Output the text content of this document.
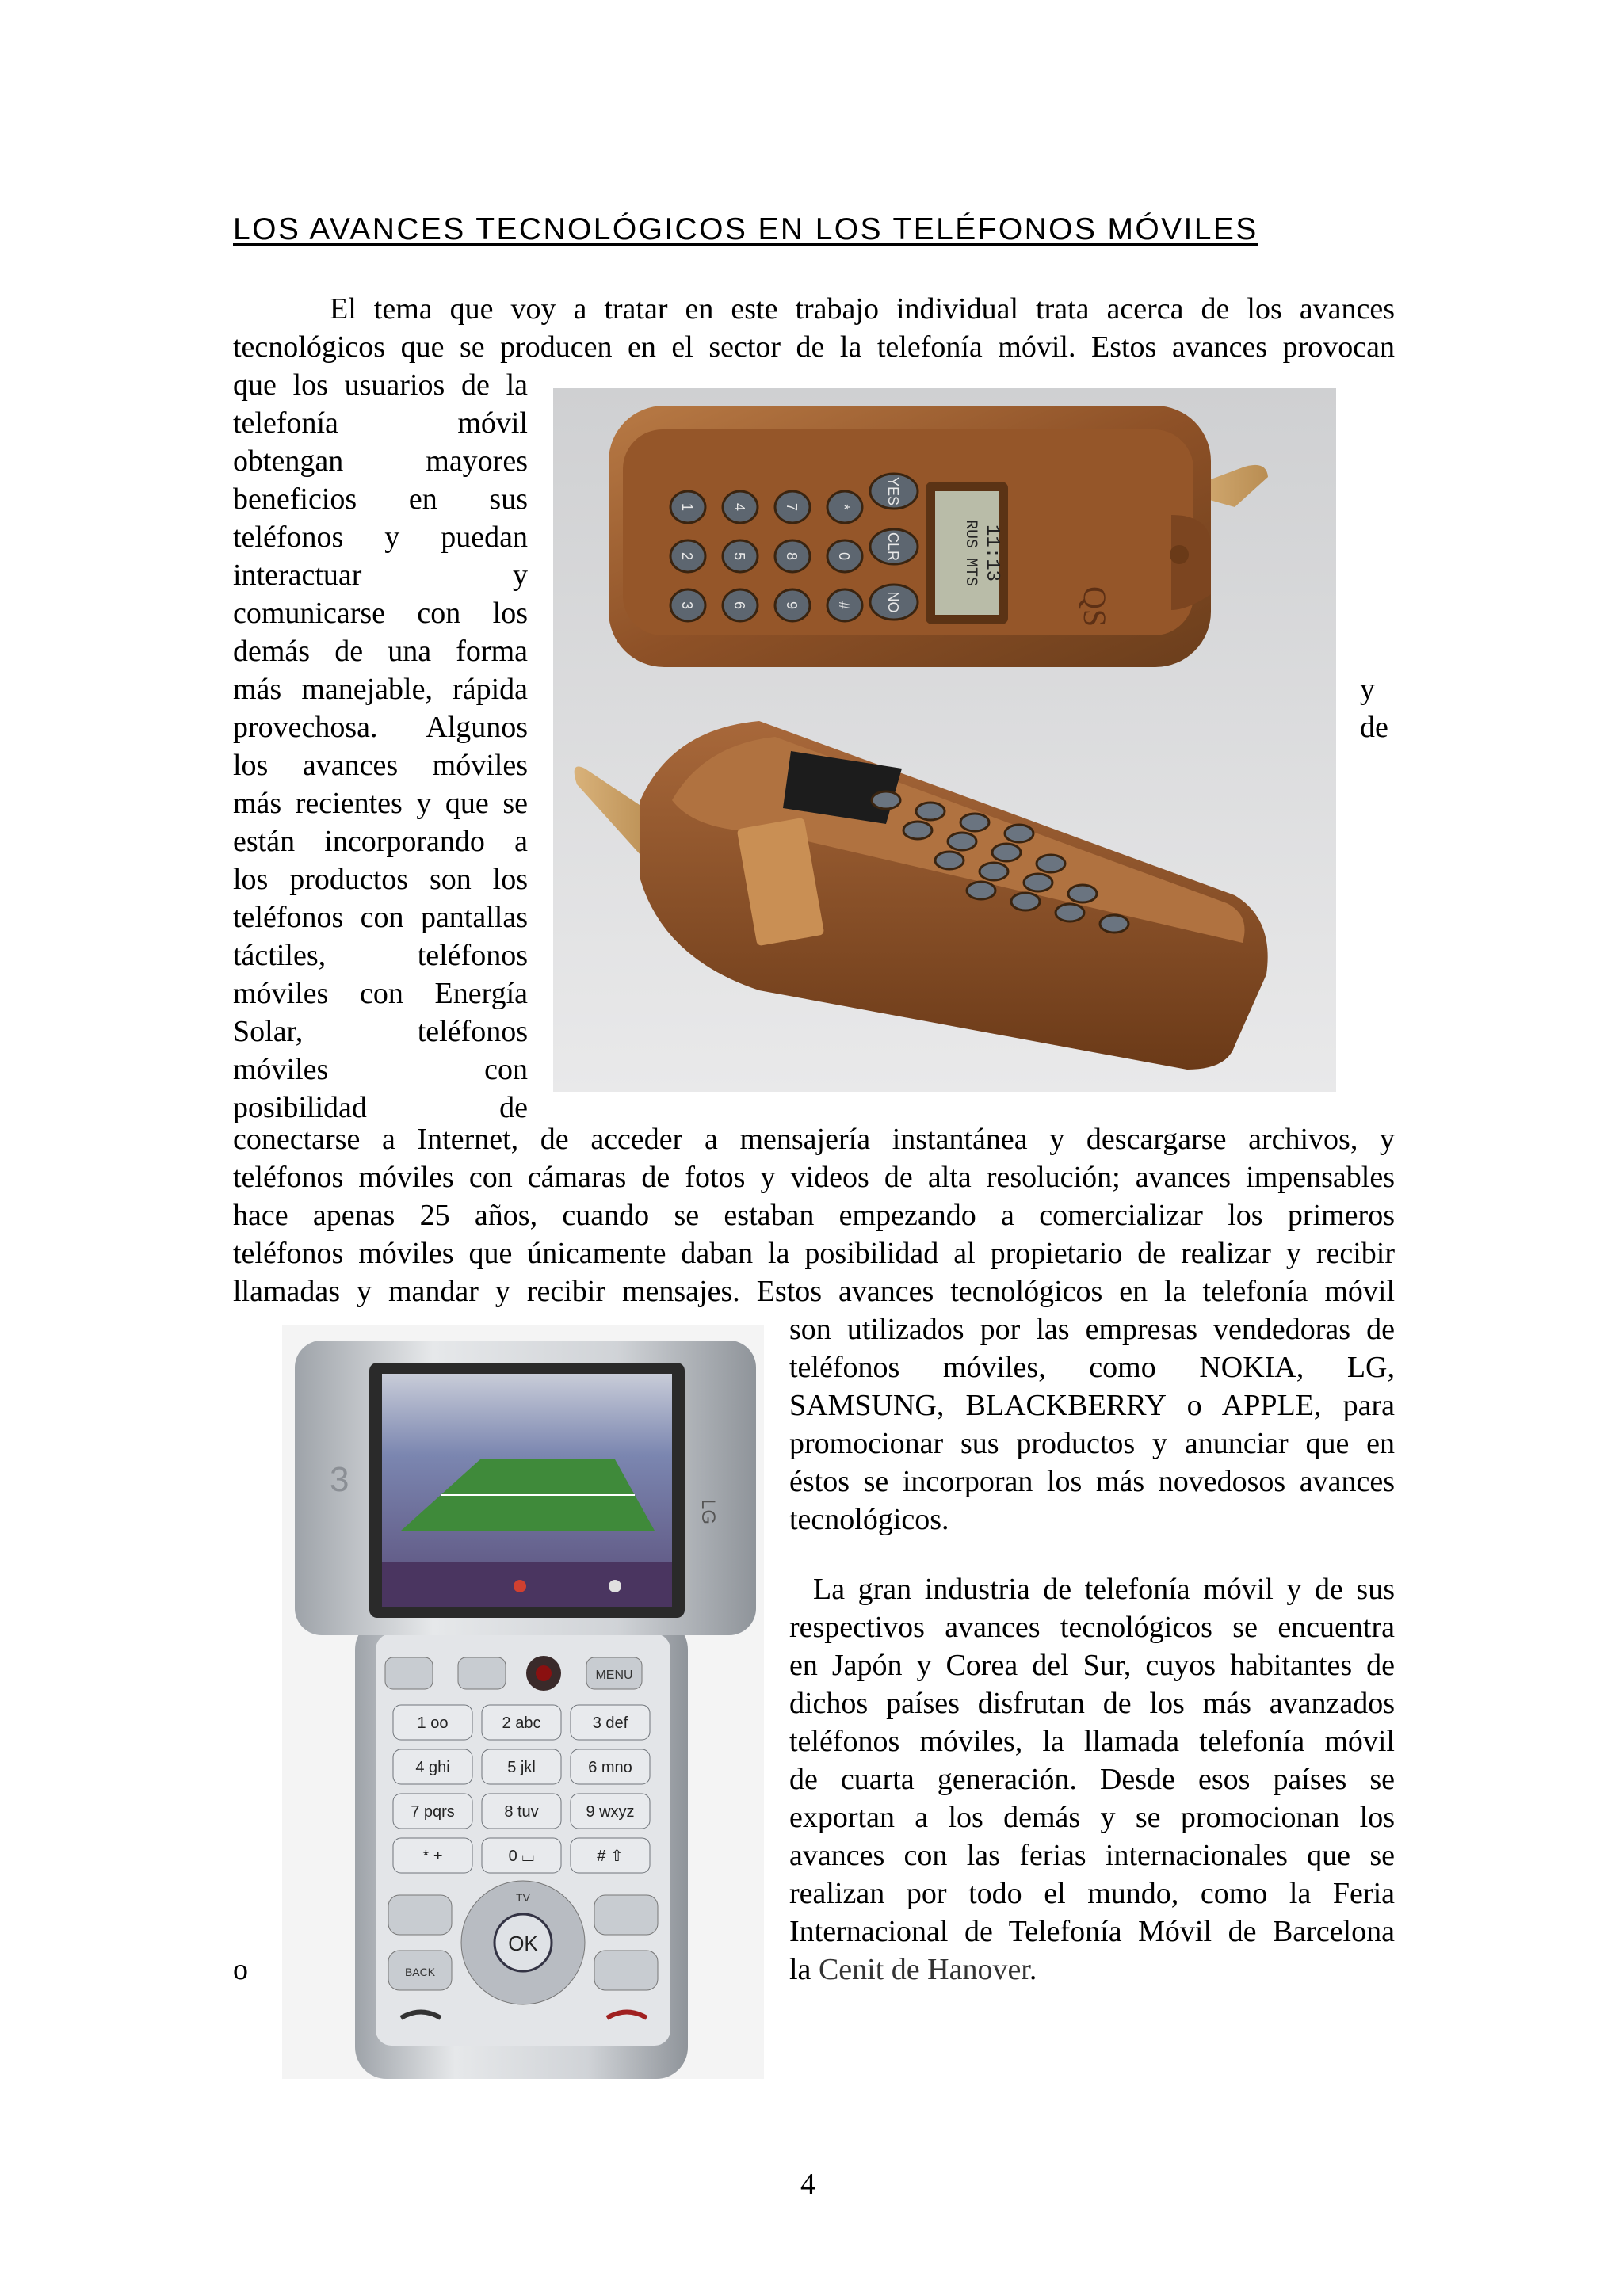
LOS AVANCES TECNOLÓGICOS EN LOS TELÉFONOS MÓVILES
El tema que voy a tratar en este trabajo individual trata acerca de los avances
tecnológicos que se producen en el sector de la telefonía móvil. Estos avances provocan
que los usuarios de la
telefonía móvil
obtengan mayores
beneficios en sus
teléfonos y puedan
interactuar y
comunicarse con los
demás de una forma
más manejable, rápida
provechosa. Algunos
los avances móviles
más recientes y que se
están incorporando a
los productos son los
teléfonos con pantallas
táctiles, teléfonos
móviles con Energía
Solar, teléfonos
móviles con
posibilidad de
y
de
RUS MTS 11:13
QS
1
2
3
4
5
6
7
8
9
*
0
#
YES
CLR
NO
conectarse a Internet, de acceder a mensajería instantánea y descargarse archivos, y
teléfonos móviles con cámaras de fotos y videos de alta resolución; avances impensables
hace apenas 25 años, cuando se estaban empezando a comercializar los primeros
teléfonos móviles que únicamente daban la posibilidad al propietario de realizar y recibir
llamadas y mandar y recibir mensajes. Estos avances tecnológicos en la telefonía móvil
3
LG
MENU
1 ᴏᴏ	2 abc	3 def
4 ghi	5 jkl	6 mno
7 pqrs	8 tuv	9 wxyz
* +	0 ⌴	# ⇧
OK
TV
BACK
son utilizados por las empresas vendedoras de
teléfonos móviles, como NOKIA, LG,
SAMSUNG, BLACKBERRY o APPLE, para
promocionar sus productos y anunciar que en
éstos se incorporan los más novedosos avances
tecnológicos.
La gran industria de telefonía móvil y de sus
respectivos avances tecnológicos se encuentra
en Japón y Corea del Sur, cuyos habitantes de
dichos países disfrutan de los más avanzados
teléfonos móviles, la llamada telefonía móvil
de cuarta generación. Desde esos países se
exportan a los demás y se promocionan los
avances con las ferias internacionales que se
realizan por todo el mundo, como la Feria
Internacional de Telefonía Móvil de Barcelona
la Cenit de Hanover.
o
4
